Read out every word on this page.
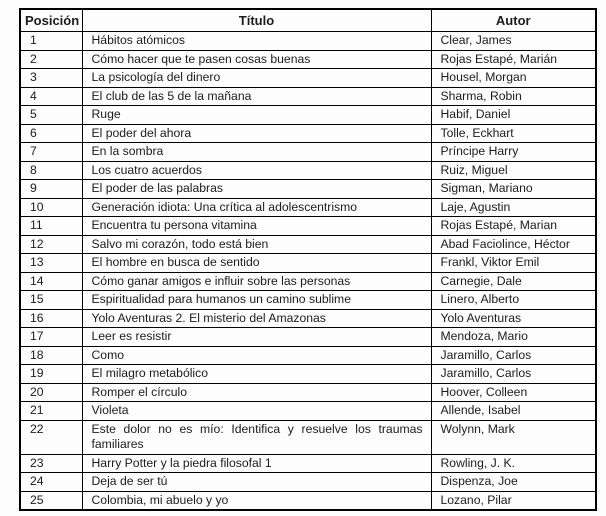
Posición	Título	Autor
1	Hábitos atómicos	Clear, James
2	Cómo hacer que te pasen cosas buenas	Rojas Estapé, Marián
3	La psicología del dinero	Housel, Morgan
4	El club de las 5 de la mañana	Sharma, Robin
5	Ruge	Habif, Daniel
6	El poder del ahora	Tolle, Eckhart
7	En la sombra	Príncipe Harry
8	Los cuatro acuerdos	Ruiz, Miguel
9	El poder de las palabras	Sigman, Mariano
10	Generación idiota: Una crítica al adolescentrismo	Laje, Agustin
11	Encuentra tu persona vitamina	Rojas Estapé, Marian
12	Salvo mi corazón, todo está bien	Abad Faciolince, Héctor
13	El hombre en busca de sentido	Frankl, Viktor Emil
14	Cómo ganar amigos e influir sobre las personas	Carnegie, Dale
15	Espiritualidad para humanos un camino sublime	Linero, Alberto
16	Yolo Aventuras 2. El misterio del Amazonas	Yolo Aventuras
17	Leer es resistir	Mendoza, Mario
18	Como	Jaramillo, Carlos
19	El milagro metabólico	Jaramillo, Carlos
20	Romper el círculo	Hoover, Colleen
21	Violeta	Allende, Isabel
22	Este dolor no es mío: Identifica y resuelve los traumas familiares	Wolynn, Mark
23	Harry Potter y la piedra filosofal 1	Rowling, J. K.
24	Deja de ser tú	Dispenza, Joe
25	Colombia, mi abuelo y yo	Lozano, Pilar
